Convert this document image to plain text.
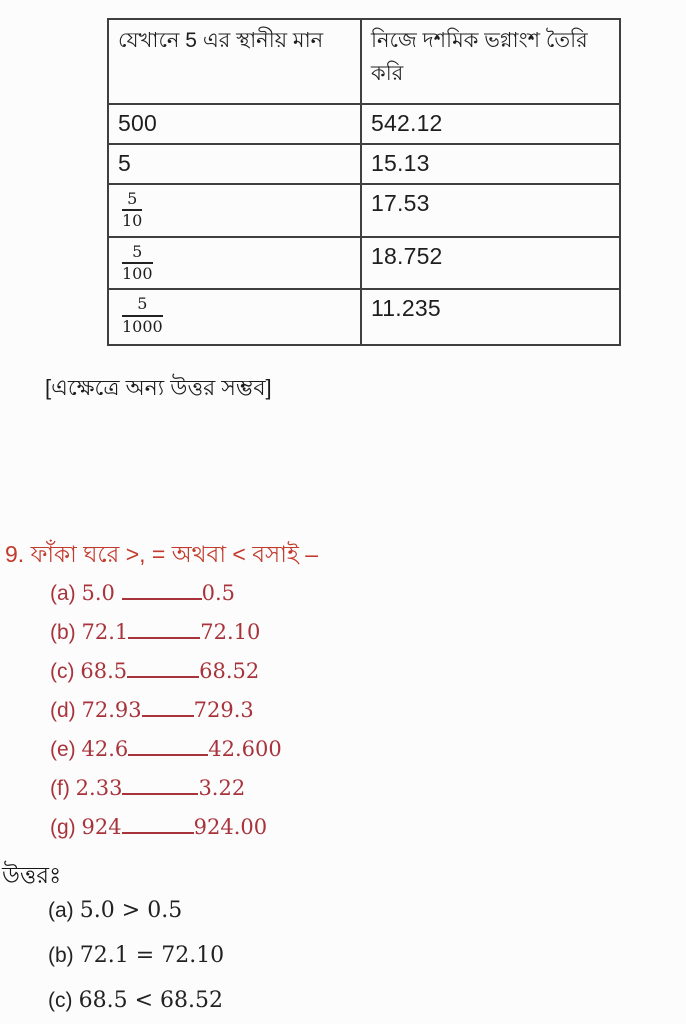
যেখানে 5 এর স্থানীয় মান	নিজে দশমিক ভগ্নাংশ তৈরি করি
500	542.12
5	15.13

$\frac{5}{10}$	17.53

$\frac{5}{100}$	18.752

$\frac{5}{1000}$	11.235
[এক্ষেত্রে অন্য উত্তর সম্ভব]
9. ফাঁকা ঘরে >, = অথবা < বসাই –
(a) 5.0	0.5
(b) 72.1	72.10
(c) 68.5	68.52
(d) 72.93 729.3
(e) 42.6	42.600
(f) 2.33	3.22
(g) 924	924.00
উত্তরঃ
(a) 5.0 > 0.5
(b) 72.1 = 72.10
(c) 68.5 < 68.52
